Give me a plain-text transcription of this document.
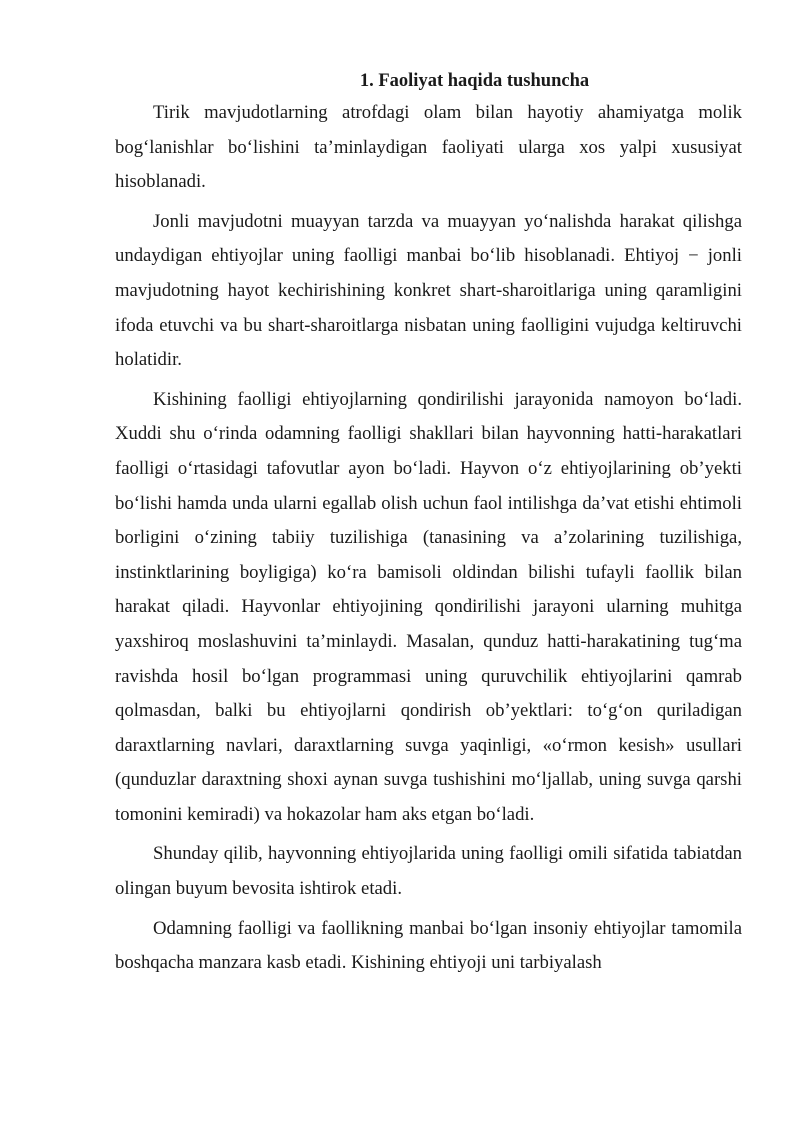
1. Faoliyat haqida tushuncha

Tirik mavjudotlarning atrofdagi olam bilan hayotiy ahamiyatga molik bog‘lanishlar bo‘lishini ta’minlaydigan faoliyati ularga xos yalpi xususiyat hisoblanadi.

Jonli mavjudotni muayyan tarzda va muayyan yo‘nalishda harakat qilishga undaydigan ehtiyojlar uning faolligi manbai bo‘lib hisoblanadi. Ehtiyoj − jonli mavjudotning hayot kechirishining konkret shart-sharoitlariga uning qaramligini ifoda etuvchi va bu shart-sharoitlarga nisbatan uning faolligini vujudga keltiruvchi holatidir.

Kishining faolligi ehtiyojlarning qondirilishi jarayonida namoyon bo‘ladi. Xuddi shu o‘rinda odamning faolligi shakllari bilan hayvonning hatti-harakatlari faolligi o‘rtasidagi tafovutlar ayon bo‘ladi. Hayvon o‘z ehtiyojlarining ob’yekti bo‘lishi hamda unda ularni egallab olish uchun faol intilishga da’vat etishi ehtimoli borligini o‘zining tabiiy tuzilishiga (tanasining va a’zolarining tuzilishiga, instinktlarining boyligiga) ko‘ra bamisoli oldindan bilishi tufayli faollik bilan harakat qiladi. Hayvonlar ehtiyojining qondirilishi jarayoni ularning muhitga yaxshiroq moslashuvini ta’minlaydi. Masalan, qunduz hatti-harakatining tug‘ma ravishda hosil bo‘lgan programmasi uning quruvchilik ehtiyojlarini qamrab qolmasdan, balki bu ehtiyojlarni qondirish ob’yektlari: to‘g‘on quriladigan daraxtlarning navlari, daraxtlarning suvga yaqinligi, «o‘rmon kesish» usullari (qunduzlar daraxtning shoxi aynan suvga tushishini mo‘ljallab, uning suvga qarshi tomonini kemiradi) va hokazolar ham aks etgan bo‘ladi.

Shunday qilib, hayvonning ehtiyojlarida uning faolligi omili sifatida tabiatdan olingan buyum bevosita ishtirok etadi.

Odamning faolligi va faollikning manbai bo‘lgan insoniy ehtiyojlar tamomila boshqacha manzara kasb etadi. Kishining ehtiyoji uni tarbiyalash
